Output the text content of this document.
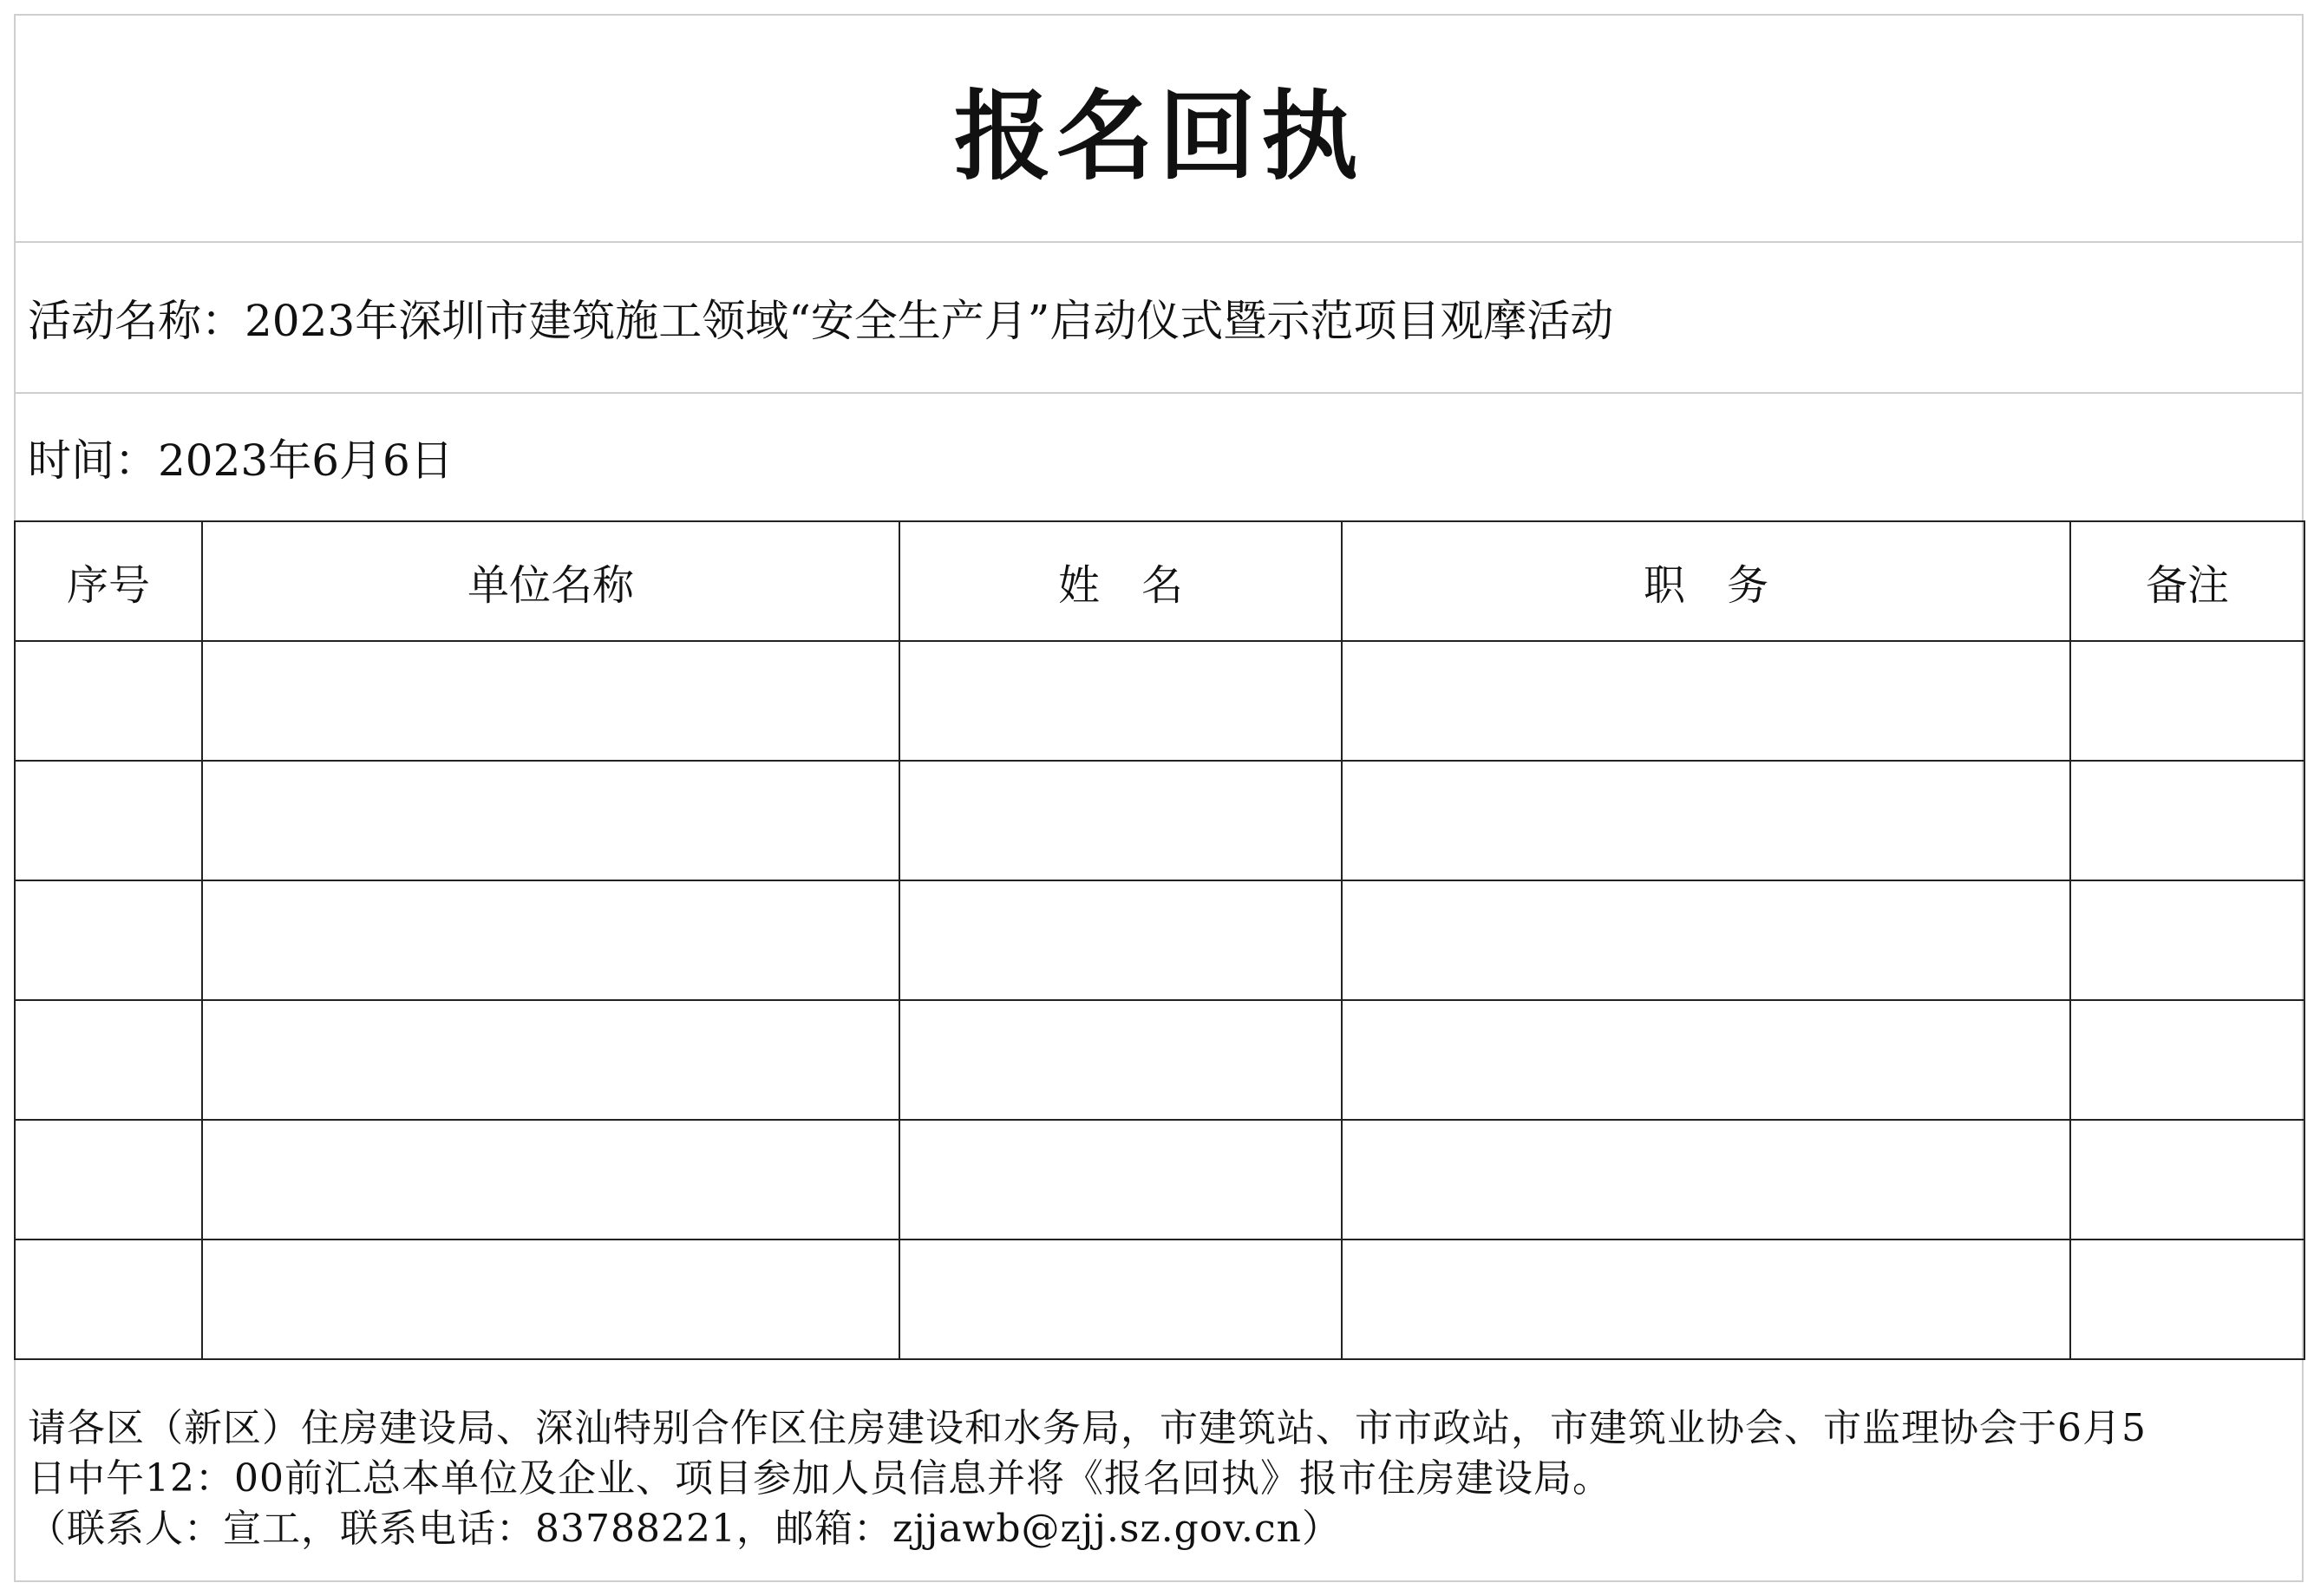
报名回执
活动名称：2023年深圳市建筑施工领域“安全生产月”启动仪式暨示范项目观摩活动
时间：2023年6月6日
序号	单位名称	姓　名	职　务	备注

请各区（新区）住房建设局、深汕特别合作区住房建设和水务局，市建筑站、市市政站，市建筑业协会、市监理协会于6月5

日中午12：00前汇总本单位及企业、项目参加人员信息并将《报名回执》报市住房建设局。

（联系人：宣工，联系电话：83788221，邮箱：zjjawb@zjj.sz.gov.cn）
